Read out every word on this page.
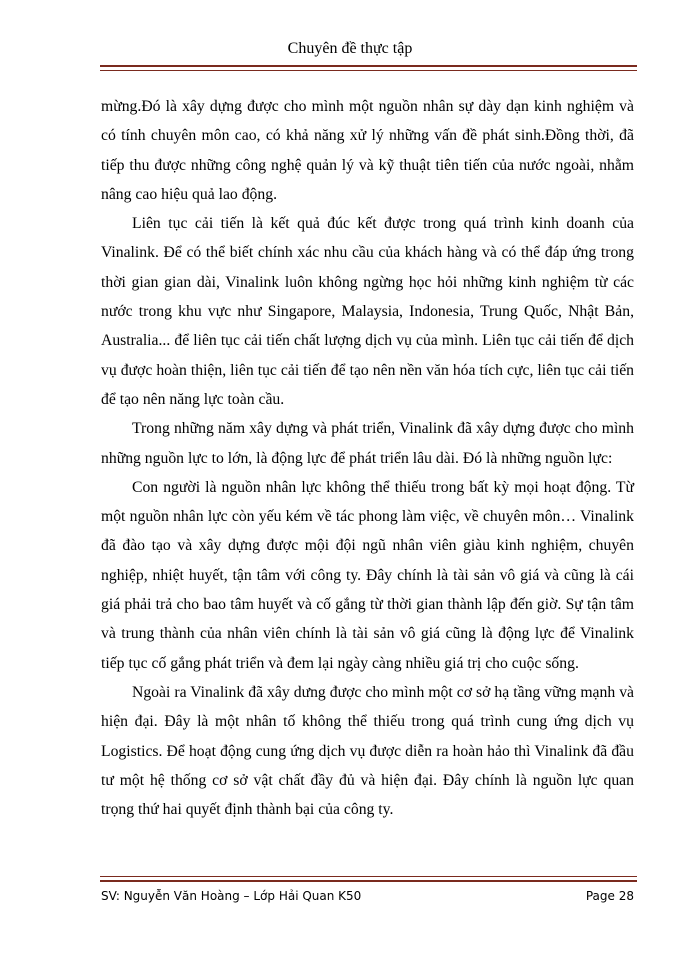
Chuyên đề thực tập

mừng.Đó là xây dựng được cho mình một nguồn nhân sự dày dạn kinh nghiệm và có tính chuyên môn cao, có khả năng xử lý những vấn đề phát sinh.Đồng thời, đã tiếp thu được những công nghệ quản lý và kỹ thuật tiên tiến của nước ngoài, nhằm nâng cao hiệu quả lao động.

Liên tục cải tiến là kết quả đúc kết được trong quá trình kinh doanh của Vinalink. Để có thể biết chính xác nhu cầu của khách hàng và có thể đáp ứng trong thời gian gian dài, Vinalink luôn không ngừng học hỏi những kinh nghiệm từ các nước trong khu vực như Singapore, Malaysia, Indonesia, Trung Quốc, Nhật Bản, Australia... để liên tục cải tiến chất lượng dịch vụ của mình. Liên tục cải tiến để dịch vụ được hoàn thiện, liên tục cải tiến để tạo nên nền văn hóa tích cực, liên tục cải tiến để tạo nên năng lực toàn cầu.

Trong những năm xây dựng và phát triển, Vinalink đã xây dựng được cho mình những nguồn lực to lớn, là động lực để phát triển lâu dài. Đó là những nguồn lực:

Con người là nguồn nhân lực không thể thiếu trong bất kỳ mọi hoạt động. Từ một nguồn nhân lực còn yếu kém về tác phong làm việc, về chuyên môn… Vinalink đã đào tạo và xây dựng được mội đội ngũ nhân viên giàu kinh nghiệm, chuyên nghiệp, nhiệt huyết, tận tâm với công ty. Đây chính là tài sản vô giá và cũng là cái giá phải trả cho bao tâm huyết và cố gắng từ thời gian thành lập đến giờ. Sự tận tâm và trung thành của nhân viên chính là tài sản vô giá cũng là động lực để Vinalink tiếp tục cố gắng phát triển và đem lại ngày càng nhiều giá trị cho cuộc sống.

Ngoài ra Vinalink đã xây dưng được cho mình một cơ sở hạ tầng vững mạnh và hiện đại. Đây là một nhân tố không thể thiếu trong quá trình cung ứng dịch vụ Logistics. Để hoạt động cung ứng dịch vụ được diễn ra hoàn hảo thì Vinalink đã đầu tư một hệ thống cơ sở vật chất đầy đủ và hiện đại. Đây chính là nguồn lực quan trọng thứ hai quyết định thành bại của công ty.

SV: Nguyễn Văn Hoàng – Lớp Hải Quan K50	Page 28
